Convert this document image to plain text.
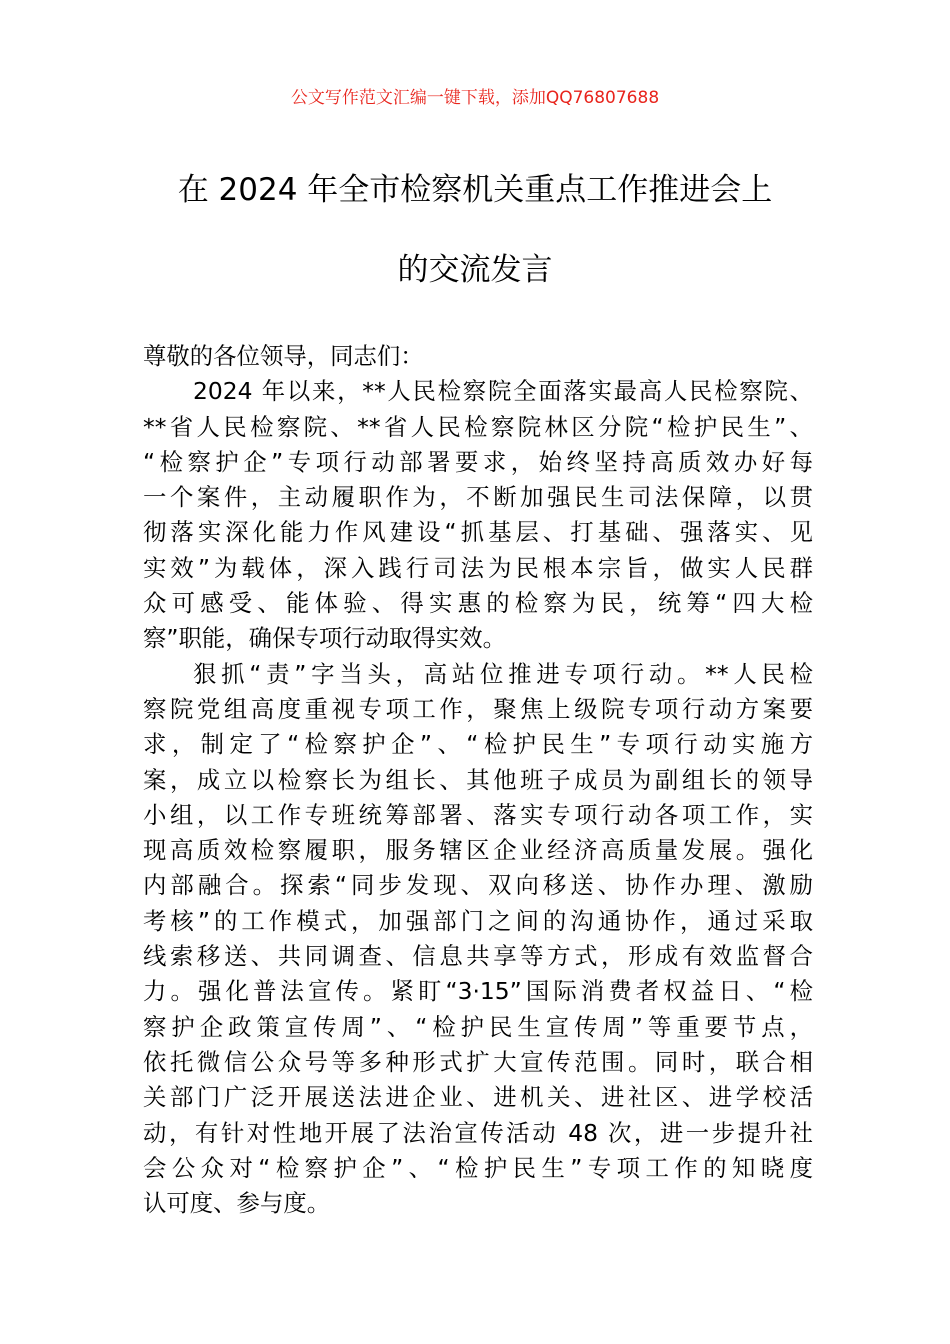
公文写作范文汇编一键下载，添加QQ76807688
在 2024 年全市检察机关重点工作推进会上
的交流发言
尊敬的各位领导，同志们：
2024 年以来，**人民检察院全面落实最高人民检察院、
**省人民检察院、**省人民检察院林区分院“检护民生”、
“检察护企”专项行动部署要求，始终坚持高质效办好每
一个案件，主动履职作为，不断加强民生司法保障，以贯
彻落实深化能力作风建设“抓基层、打基础、强落实、见
实效”为载体，深入践行司法为民根本宗旨，做实人民群
众可感受、能体验、得实惠的检察为民，统筹“四大检
察”职能，确保专项行动取得实效。
狠抓“责”字当头，高站位推进专项行动。**人民检
察院党组高度重视专项工作，聚焦上级院专项行动方案要
求，制定了“检察护企”、“检护民生”专项行动实施方
案，成立以检察长为组长、其他班子成员为副组长的领导
小组，以工作专班统筹部署、落实专项行动各项工作，实
现高质效检察履职，服务辖区企业经济高质量发展。强化
内部融合。探索“同步发现、双向移送、协作办理、激励
考核”的工作模式，加强部门之间的沟通协作，通过采取
线索移送、共同调查、信息共享等方式，形成有效监督合
力。强化普法宣传。紧盯“3·15”国际消费者权益日、“检
察护企政策宣传周”、“检护民生宣传周”等重要节点，
依托微信公众号等多种形式扩大宣传范围。同时，联合相
关部门广泛开展送法进企业、进机关、进社区、进学校活
动，有针对性地开展了法治宣传活动 48 次，进一步提升社
会公众对“检察护企”、“检护民生”专项工作的知晓度
认可度、参与度。
